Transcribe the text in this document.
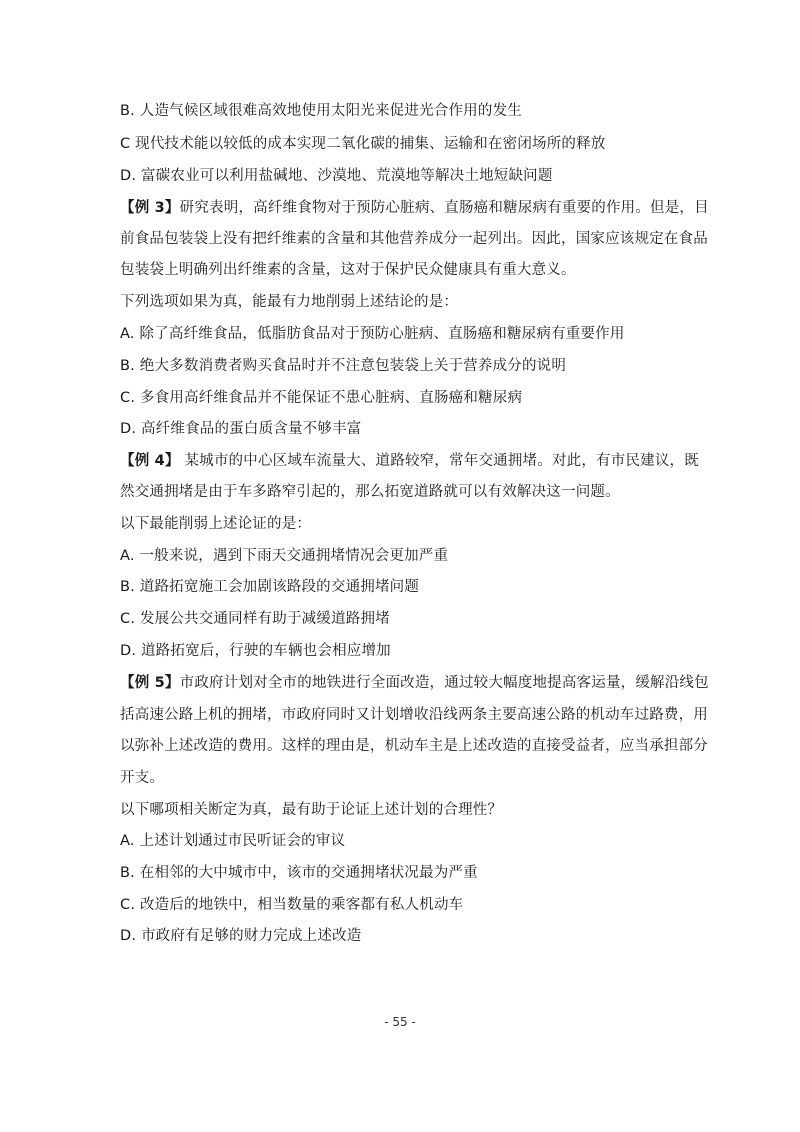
B. 人造气候区域很难高效地使用太阳光来促进光合作用的发生
C 现代技术能以较低的成本实现二氧化碳的捕集、运输和在密闭场所的释放
D. 富碳农业可以利用盐碱地、沙漠地、荒漠地等解决土地短缺问题
【例 3】研究表明，高纤维食物对于预防心脏病、直肠癌和糖尿病有重要的作用。但是，目
前食品包装袋上没有把纤维素的含量和其他营养成分一起列出。因此，国家应该规定在食品
包装袋上明确列出纤维素的含量，这对于保护民众健康具有重大意义。
下列选项如果为真，能最有力地削弱上述结论的是：
A. 除了高纤维食品，低脂肪食品对于预防心脏病、直肠癌和糖尿病有重要作用
B. 绝大多数消费者购买食品时并不注意包装袋上关于营养成分的说明
C. 多食用高纤维食品并不能保证不患心脏病、直肠癌和糖尿病
D. 高纤维食品的蛋白质含量不够丰富
【例 4】 某城市的中心区域车流量大、道路较窄，常年交通拥堵。对此，有市民建议，既
然交通拥堵是由于车多路窄引起的，那么拓宽道路就可以有效解决这一问题。
以下最能削弱上述论证的是：
A. 一般来说，遇到下雨天交通拥堵情况会更加严重
B. 道路拓宽施工会加剧该路段的交通拥堵问题
C. 发展公共交通同样有助于减缓道路拥堵
D. 道路拓宽后，行驶的车辆也会相应增加
【例 5】市政府计划对全市的地铁进行全面改造，通过较大幅度地提高客运量，缓解沿线包
括高速公路上机的拥堵，市政府同时又计划增收沿线两条主要高速公路的机动车过路费，用
以弥补上述改造的费用。这样的理由是，机动车主是上述改造的直接受益者，应当承担部分
开支。
以下哪项相关断定为真，最有助于论证上述计划的合理性？
A. 上述计划通过市民听证会的审议
B. 在相邻的大中城市中，该市的交通拥堵状况最为严重
C. 改造后的地铁中，相当数量的乘客都有私人机动车
D. 市政府有足够的财力完成上述改造
- 55 -
